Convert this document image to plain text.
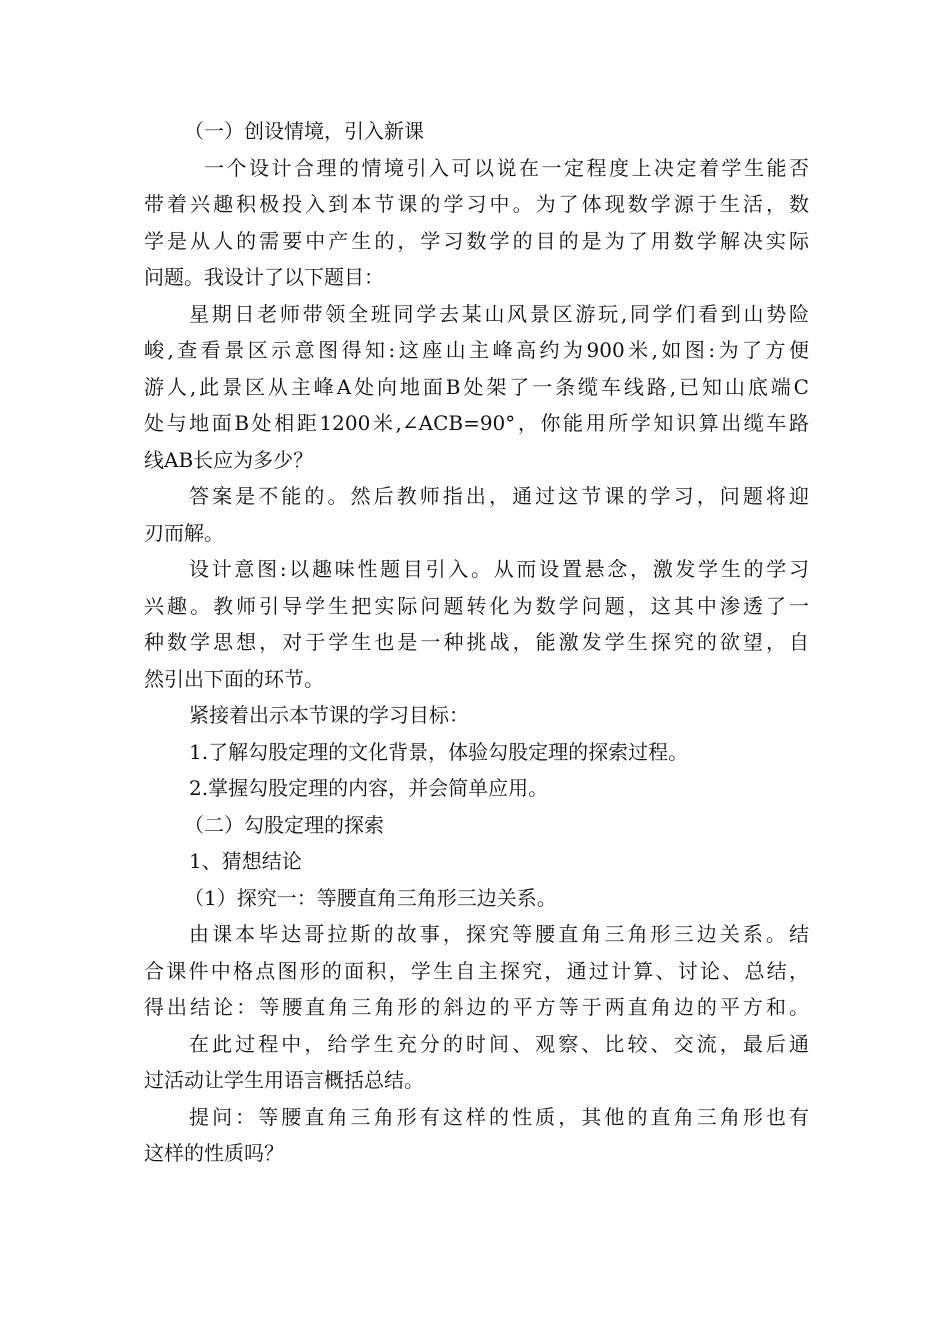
（一）创设情境，引入新课
一个设计合理的情境引入可以说在一定程度上决定着学生能否
带着兴趣积极投入到本节课的学习中。为了体现数学源于生活，数
学是从人的需要中产生的，学习数学的目的是为了用数学解决实际
问题。我设计了以下题目：
星期日老师带领全班同学去某山风景区游玩,同学们看到山势险
峻,查看景区示意图得知:这座山主峰高约为900米,如图:为了方便
游人,此景区从主峰A处向地面B处架了一条缆车线路,已知山底端C
处与地面B处相距1200米,∠ACB=90°，你能用所学知识算出缆车路
线AB长应为多少？
答案是不能的。然后教师指出，通过这节课的学习，问题将迎
刃而解。
设计意图:以趣味性题目引入。从而设置悬念，激发学生的学习
兴趣。教师引导学生把实际问题转化为数学问题，这其中渗透了一
种数学思想，对于学生也是一种挑战，能激发学生探究的欲望，自
然引出下面的环节。
紧接着出示本节课的学习目标：
1.了解勾股定理的文化背景，体验勾股定理的探索过程。
2.掌握勾股定理的内容，并会简单应用。
（二）勾股定理的探索
1、猜想结论
（1）探究一：等腰直角三角形三边关系。
由课本毕达哥拉斯的故事，探究等腰直角三角形三边关系。结
合课件中格点图形的面积，学生自主探究，通过计算、讨论、总结，
得出结论：等腰直角三角形的斜边的平方等于两直角边的平方和。
在此过程中，给学生充分的时间、观察、比较、交流，最后通
过活动让学生用语言概括总结。
提问：等腰直角三角形有这样的性质，其他的直角三角形也有
这样的性质吗？
